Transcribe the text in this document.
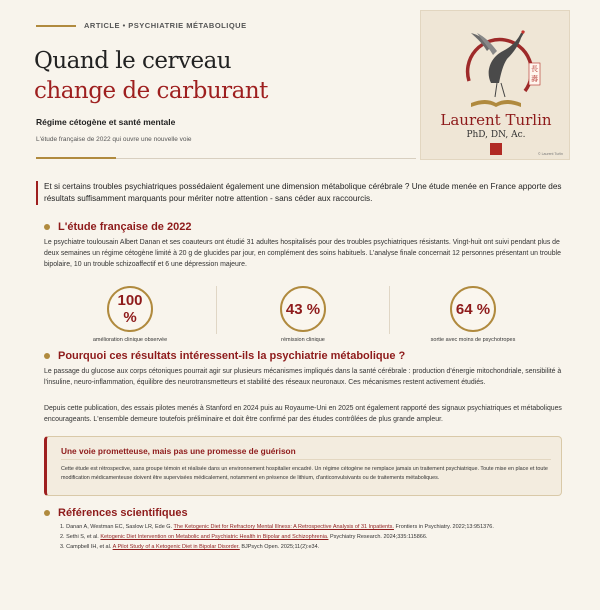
ARTICLE • PSYCHIATRIE MÉTABOLIQUE
Quand le cerveau
change de carburant
Régime cétogène et santé mentale
L'étude française de 2022 qui ouvre une nouvelle voie
長壽
Laurent Turlin
PhD, DN, Ac.
© Laurent Turlin
Et si certains troubles psychiatriques possédaient également une dimension métabolique cérébrale ? Une étude menée en France apporte des résultats suffisamment marquants pour mériter notre attention - sans céder aux raccourcis.
L'étude française de 2022
Le psychiatre toulousain Albert Danan et ses coauteurs ont étudié 31 adultes hospitalisés pour des troubles psychiatriques résistants. Vingt-huit ont suivi pendant plus de deux semaines un régime cétogène limité à 20 g de glucides par jour, en complément des soins habituels. L'analyse finale concernait 12 personnes présentant un trouble bipolaire, 10 un trouble schizoaffectif et 6 une dépression majeure.
100 %
amélioration clinique observée
43 %
rémission clinique
64 %
sortie avec moins de psychotropes
Pourquoi ces résultats intéressent-ils la psychiatrie métabolique ?
Le passage du glucose aux corps cétoniques pourrait agir sur plusieurs mécanismes impliqués dans la santé cérébrale : production d'énergie mitochondriale, sensibilité à l'insuline, neuro-inflammation, équilibre des neurotransmetteurs et stabilité des réseaux neuronaux. Ces mécanismes restent activement étudiés.
Depuis cette publication, des essais pilotes menés à Stanford en 2024 puis au Royaume-Uni en 2025 ont également rapporté des signaux psychiatriques et métaboliques encourageants. L'ensemble demeure toutefois préliminaire et doit être confirmé par des études contrôlées de plus grande ampleur.
Une voie prometteuse, mais pas une promesse de guérison
Cette étude est rétrospective, sans groupe témoin et réalisée dans un environnement hospitalier encadré. Un régime cétogène ne remplace jamais un traitement psychiatrique. Toute mise en place et toute modification médicamenteuse doivent être supervisées médicalement, notamment en présence de lithium, d'anticonvulsivants ou de traitements métaboliques.
Références scientifiques
1. Danan A, Westman EC, Saslow LR, Ede G. The Ketogenic Diet for Refractory Mental Illness: A Retrospective Analysis of 31 Inpatients. Frontiers in Psychiatry. 2022;13:951376.
2. Sethi S, et al. Ketogenic Diet Intervention on Metabolic and Psychiatric Health in Bipolar and Schizophrenia. Psychiatry Research. 2024;335:115866.
3. Campbell IH, et al. A Pilot Study of a Ketogenic Diet in Bipolar Disorder. BJPsych Open. 2025;11(2):e34.
